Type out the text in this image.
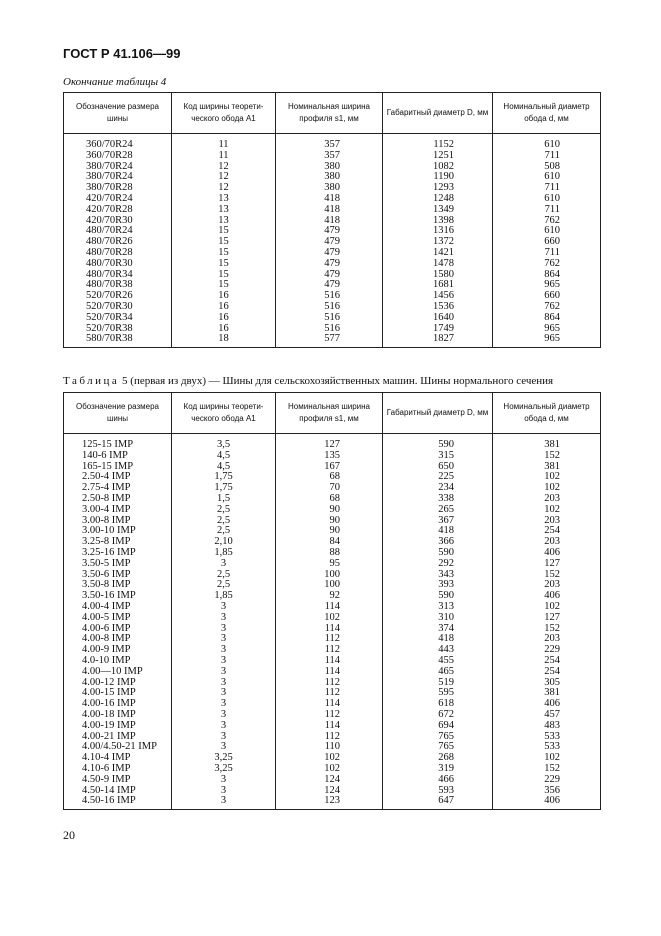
ГОСТ Р 41.106—99
Окончание таблицы 4
Обозначение размера шины	Код ширины теорети-ческого обода A1	Номинальная ширина профиля s1, мм	Габаритный диаметр D, мм	Номинальный диаметр обода d, мм

360/70R24	11	357	1152	610
360/70R28	11	357	1251	711
380/70R24	12	380	1082	508
380/70R24	12	380	1190	610
380/70R28	12	380	1293	711
420/70R24	13	418	1248	610
420/70R28	13	418	1349	711
420/70R30	13	418	1398	762
480/70R24	15	479	1316	610
480/70R26	15	479	1372	660
480/70R28	15	479	1421	711
480/70R30	15	479	1478	762
480/70R34	15	479	1580	864
480/70R38	15	479	1681	965
520/70R26	16	516	1456	660
520/70R30	16	516	1536	762
520/70R34	16	516	1640	864
520/70R38	16	516	1749	965
580/70R38	18	577	1827	965
Таблица 5 (первая из двух) — Шины для сельскохозяйственных машин. Шины нормального сечения
Обозначение размера шины	Код ширины теорети-ческого обода A1	Номинальная ширина профиля s1, мм	Габаритный диаметр D, мм	Номинальный диаметр обода d, мм

125-15 IMP	3,5	127	590	381
140-6 IMP	4,5	135	315	152
165-15 IMP	4,5	167	650	381
2.50-4 IMP	1,75	68	225	102
2.75-4 IMP	1,75	70	234	102
2.50-8 IMP	1,5	68	338	203
3.00-4 IMP	2,5	90	265	102
3.00-8 IMP	2,5	90	367	203
3.00-10 IMP	2,5	90	418	254
3.25-8 IMP	2,10	84	366	203
3.25-16 IMP	1,85	88	590	406
3.50-5 IMP	3	95	292	127
3.50-6 IMP	2,5	100	343	152
3.50-8 IMP	2,5	100	393	203
3.50-16 IMP	1,85	92	590	406
4.00-4 IMP	3	114	313	102
4.00-5 IMP	3	102	310	127
4.00-6 IMP	3	114	374	152
4.00-8 IMP	3	112	418	203
4.00-9 IMP	3	112	443	229
4.0-10 IMP	3	114	455	254
4.00—10 IMP	3	114	465	254
4.00-12 IMP	3	112	519	305
4.00-15 IMP	3	112	595	381
4.00-16 IMP	3	114	618	406
4.00-18 IMP	3	112	672	457
4.00-19 IMP	3	114	694	483
4.00-21 IMP	3	112	765	533
4.00/4.50-21 IMP	3	110	765	533
4.10-4 IMP	3,25	102	268	102
4.10-6 IMP	3,25	102	319	152
4.50-9 IMP	3	124	466	229
4.50-14 IMP	3	124	593	356
4.50-16 IMP	3	123	647	406
20
